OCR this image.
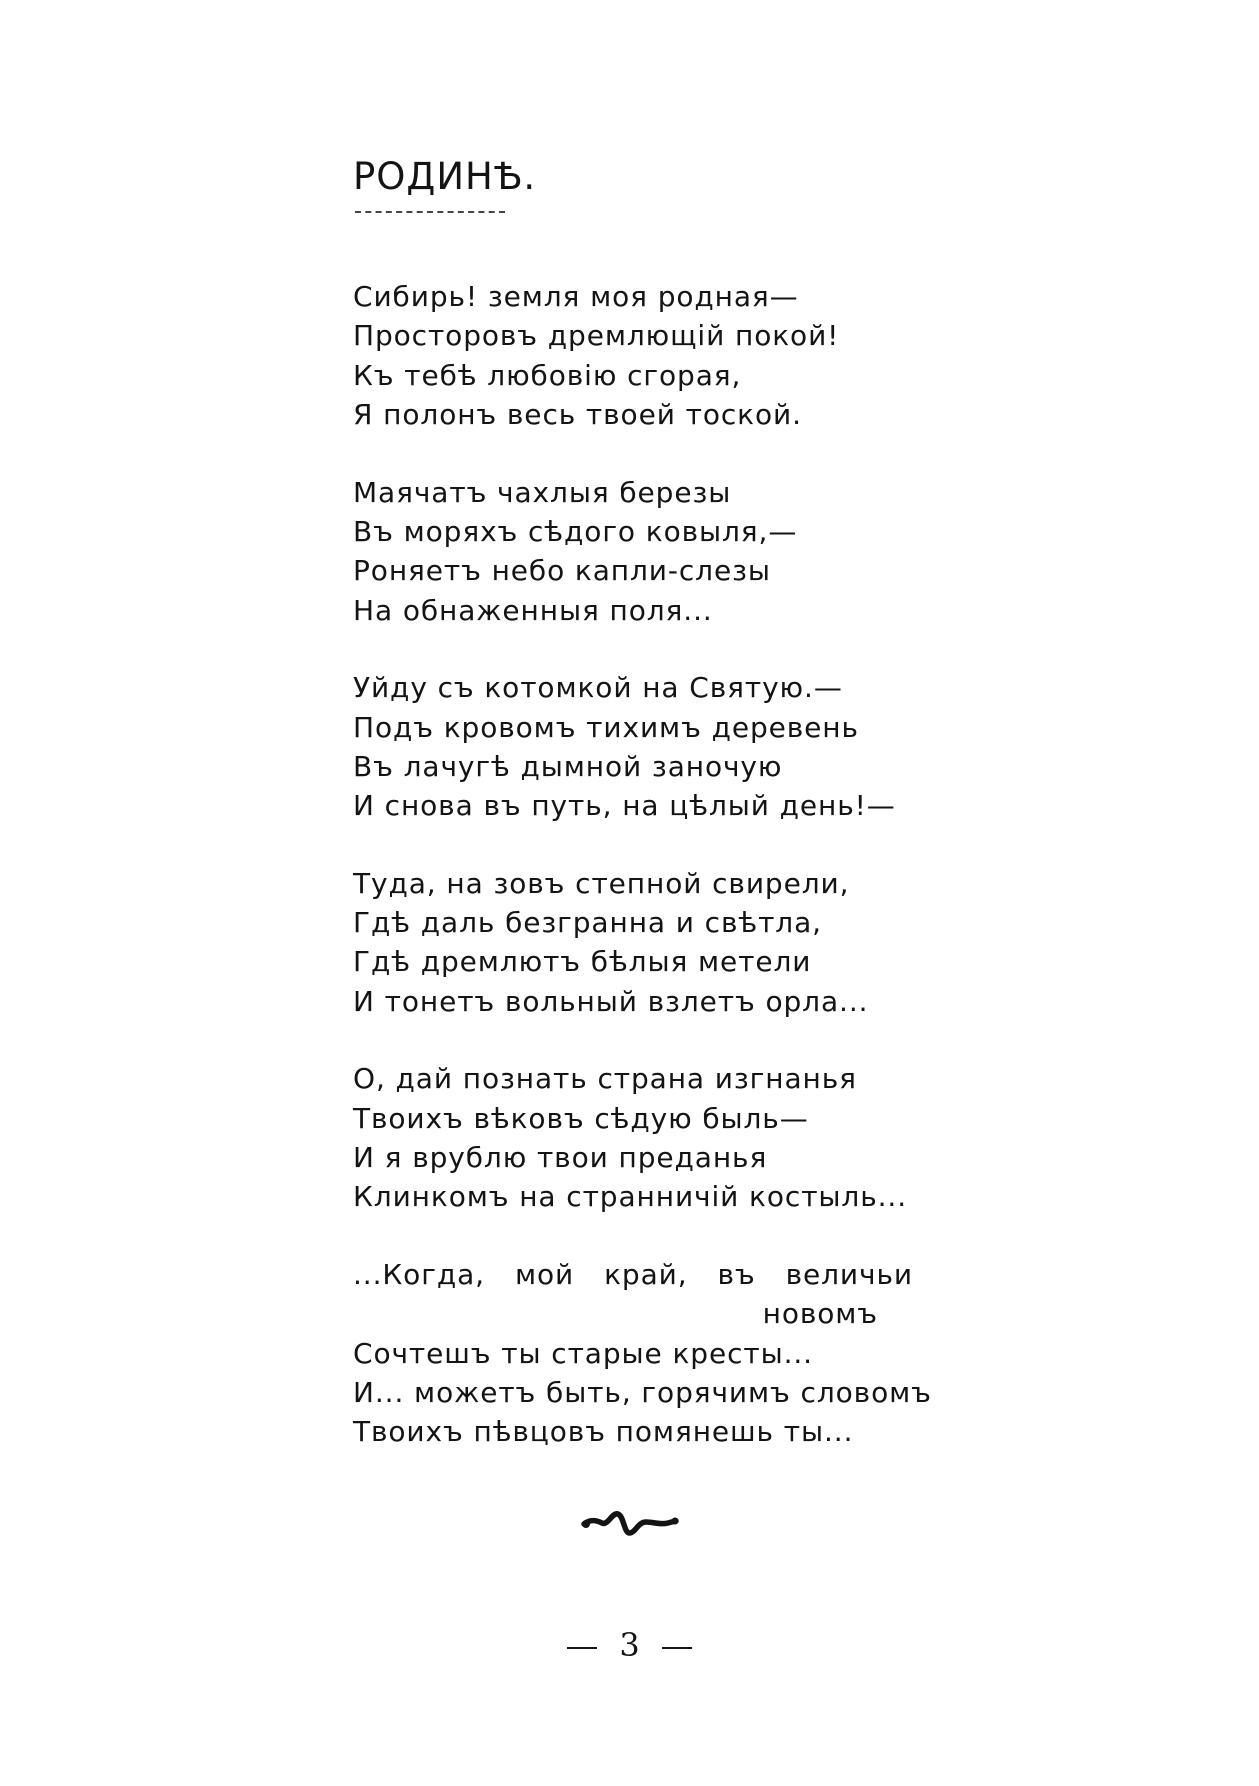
РОДИНѢ.
Сибирь! земля моя родная—
Просторовъ дремлющій покой!
Къ тебѣ любовію сгорая,
Я полонъ весь твоей тоской.
Маячатъ чахлыя березы
Въ моряхъ сѣдого ковыля,—
Роняетъ небо капли-слезы
На обнаженныя поля...
Уйду съ котомкой на Святую.—
Подъ кровомъ тихимъ деревень
Въ лачугѣ дымной заночую
И снова въ путь, на цѣлый день!—
Туда, на зовъ степной свирели,
Гдѣ даль безгранна и свѣтла,
Гдѣ дремлютъ бѣлыя метели
И тонетъ вольный взлетъ орла...
О, дай познать страна изгнанья
Твоихъ вѣковъ сѣдую быль—
И я врублю твои преданья
Клинкомъ на странничій костыль...
...Когда, мой край, въ величьи
новомъ
Сочтешъ ты старые кресты...
И... можетъ быть, горячимъ словомъ
Твоихъ пѣвцовъ помянешь ты...
3
